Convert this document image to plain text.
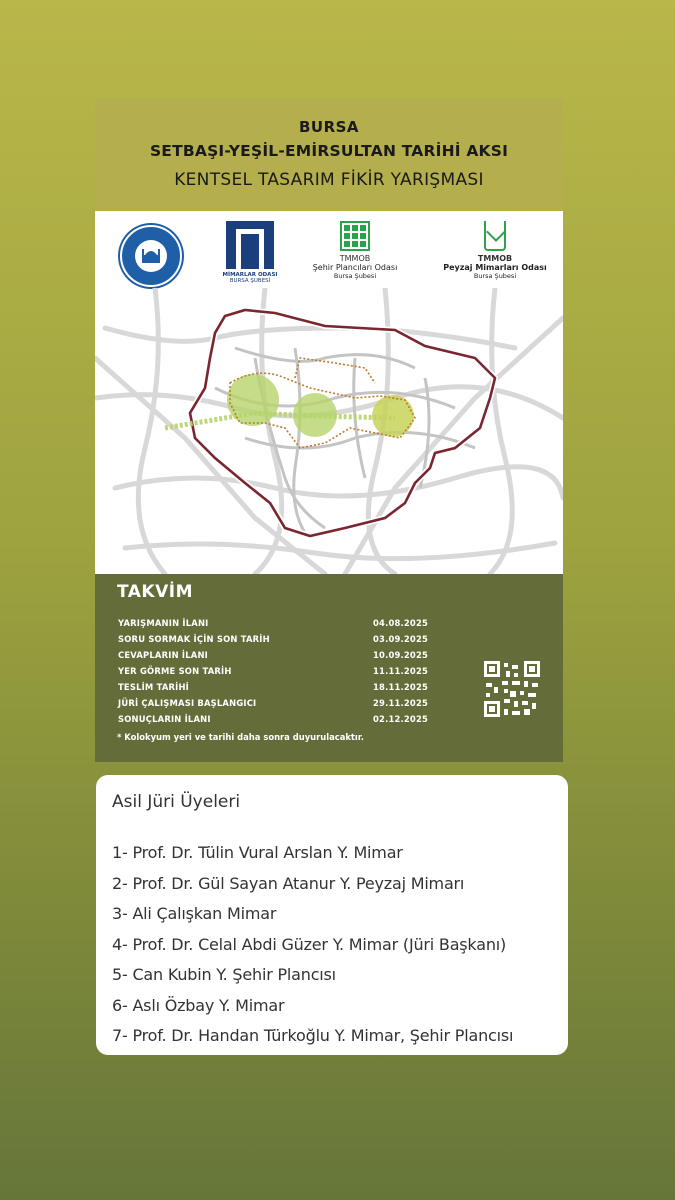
BURSA
SETBAŞI-YEŞİL-EMİRSULTAN TARİHİ AKSI
KENTSEL TASARIM FİKİR YARIŞMASI
MİMARLAR ODASI
BURSA ŞUBESİ
TMMOB
Şehir Plancıları Odası
Bursa Şubesi
TMMOB
Peyzaj Mimarları Odası
Bursa Şubesi
TAKVİM
YARIŞMANIN İLANI	04.08.2025
SORU SORMAK İÇİN SON TARİH	03.09.2025
CEVAPLARIN İLANI	10.09.2025
YER GÖRME SON TARİH	11.11.2025
TESLİM TARİHİ	18.11.2025
JÜRİ ÇALIŞMASI BAŞLANGICI	29.11.2025
SONUÇLARIN İLANI	02.12.2025
* Kolokyum yeri ve tarihi daha sonra duyurulacaktır.
Asil Jüri Üyeleri
1- Prof. Dr. Tülin Vural Arslan Y. Mimar
2- Prof. Dr. Gül Sayan Atanur Y. Peyzaj Mimarı
3- Ali Çalışkan Mimar
4- Prof. Dr. Celal Abdi Güzer Y. Mimar (Jüri Başkanı)
5- Can Kubin Y. Şehir Plancısı
6- Aslı Özbay Y. Mimar
7- Prof. Dr. Handan Türkoğlu Y. Mimar, Şehir Plancısı
